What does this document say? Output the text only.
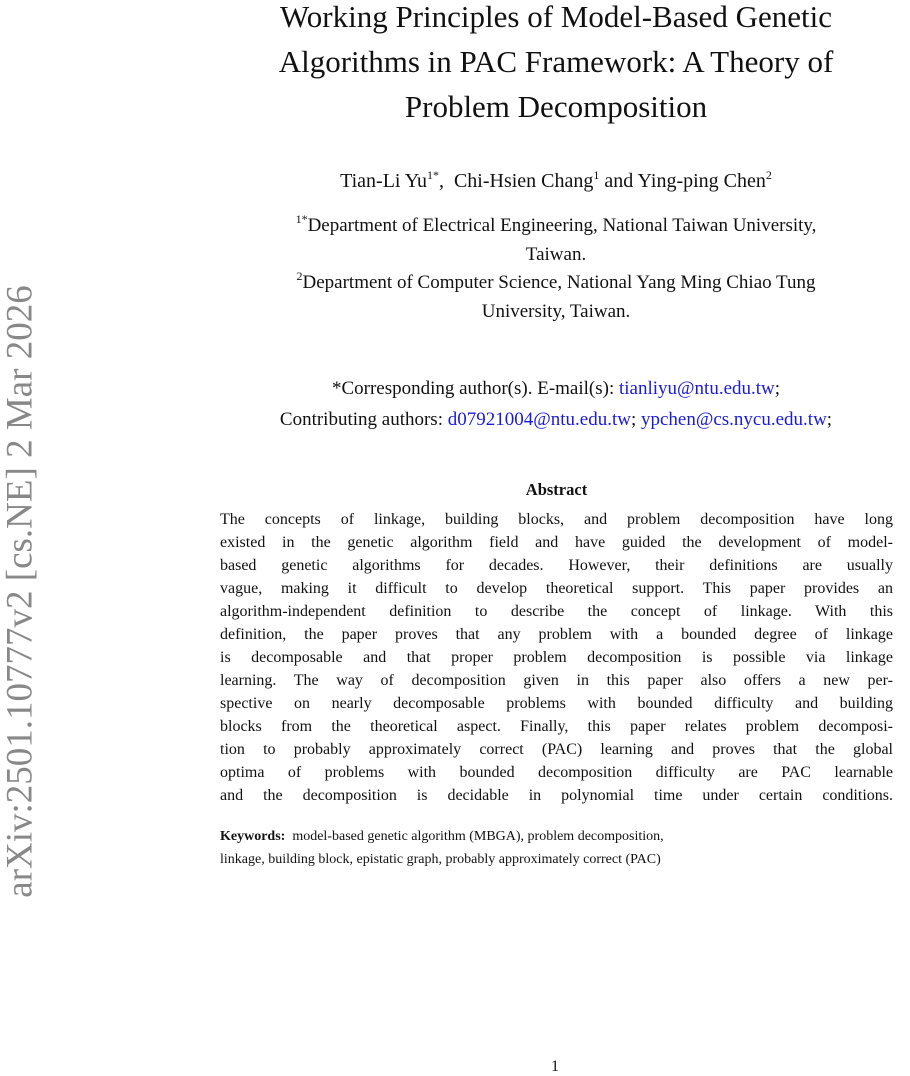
arXiv:2501.10777v2 [cs.NE] 2 Mar 2026
Working Principles of Model-Based Genetic
Algorithms in PAC Framework: A Theory of
Problem Decomposition
Tian-Li $Yu^{1*}$,  Chi-Hsien Chang$^1$ and Ying-ping Chen$^2$
$^{1*}$Department of Electrical Engineering, National Taiwan University,
Taiwan.
$^2$Department of Computer Science, National Yang Ming Chiao Tung
University, Taiwan.
*Corresponding author(s). E-mail(s): tianliyu@ntu.edu.tw;
Contributing authors: d07921004@ntu.edu.tw; ypchen@cs.nycu.edu.tw;
Abstract
The concepts of linkage, building blocks, and problem decomposition have long
existed in the genetic algorithm field and have guided the development of model-
based genetic algorithms for decades. However, their definitions are usually
vague, making it difficult to develop theoretical support. This paper provides an
algorithm-independent definition to describe the concept of linkage. With this
definition, the paper proves that any problem with a bounded degree of linkage
is decomposable and that proper problem decomposition is possible via linkage
learning. The way of decomposition given in this paper also offers a new per-
spective on nearly decomposable problems with bounded difficulty and building
blocks from the theoretical aspect. Finally, this paper relates problem decomposi-
tion to probably approximately correct (PAC) learning and proves that the global
optima of problems with bounded decomposition difficulty are PAC learnable
and the decomposition is decidable in polynomial time under certain conditions.
Keywords: model-based genetic algorithm (MBGA), problem decomposition,
linkage, building block, epistatic graph, probably approximately correct (PAC)
1
